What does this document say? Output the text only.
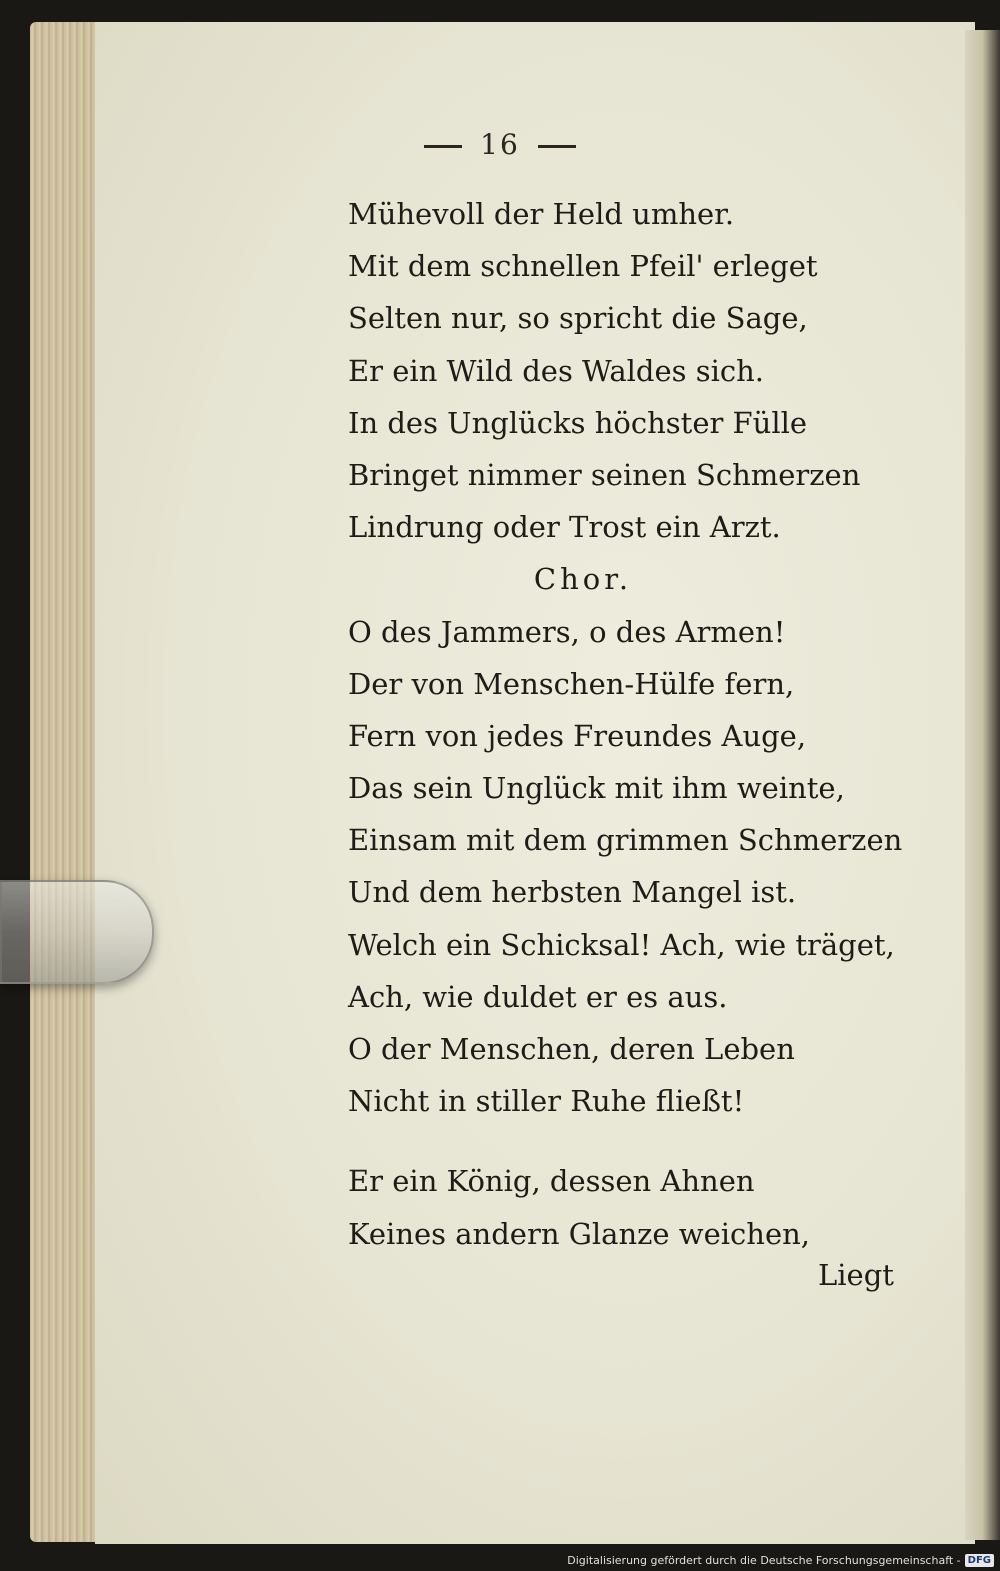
16
Mühevoll der Held umher.
Mit dem schnellen Pfeil' erleget
Selten nur, so spricht die Sage,
Er ein Wild des Waldes sich.
In des Unglücks höchster Fülle
Bringet nimmer seinen Schmerzen
Lindrung oder Trost ein Arzt.
Chor.
O des Jammers, o des Armen!
Der von Menschen-Hülfe fern,
Fern von jedes Freundes Auge,
Das sein Unglück mit ihm weinte,
Einsam mit dem grimmen Schmerzen
Und dem herbsten Mangel ist.
Welch ein Schicksal! Ach, wie träget,
Ach, wie duldet er es aus.
O der Menschen, deren Leben
Nicht in stiller Ruhe fließt!
Er ein König, dessen Ahnen
Keines andern Glanze weichen,
Liegt
Digitalisierung gefördert durch die Deutsche Forschungsgemeinschaft - DFG
